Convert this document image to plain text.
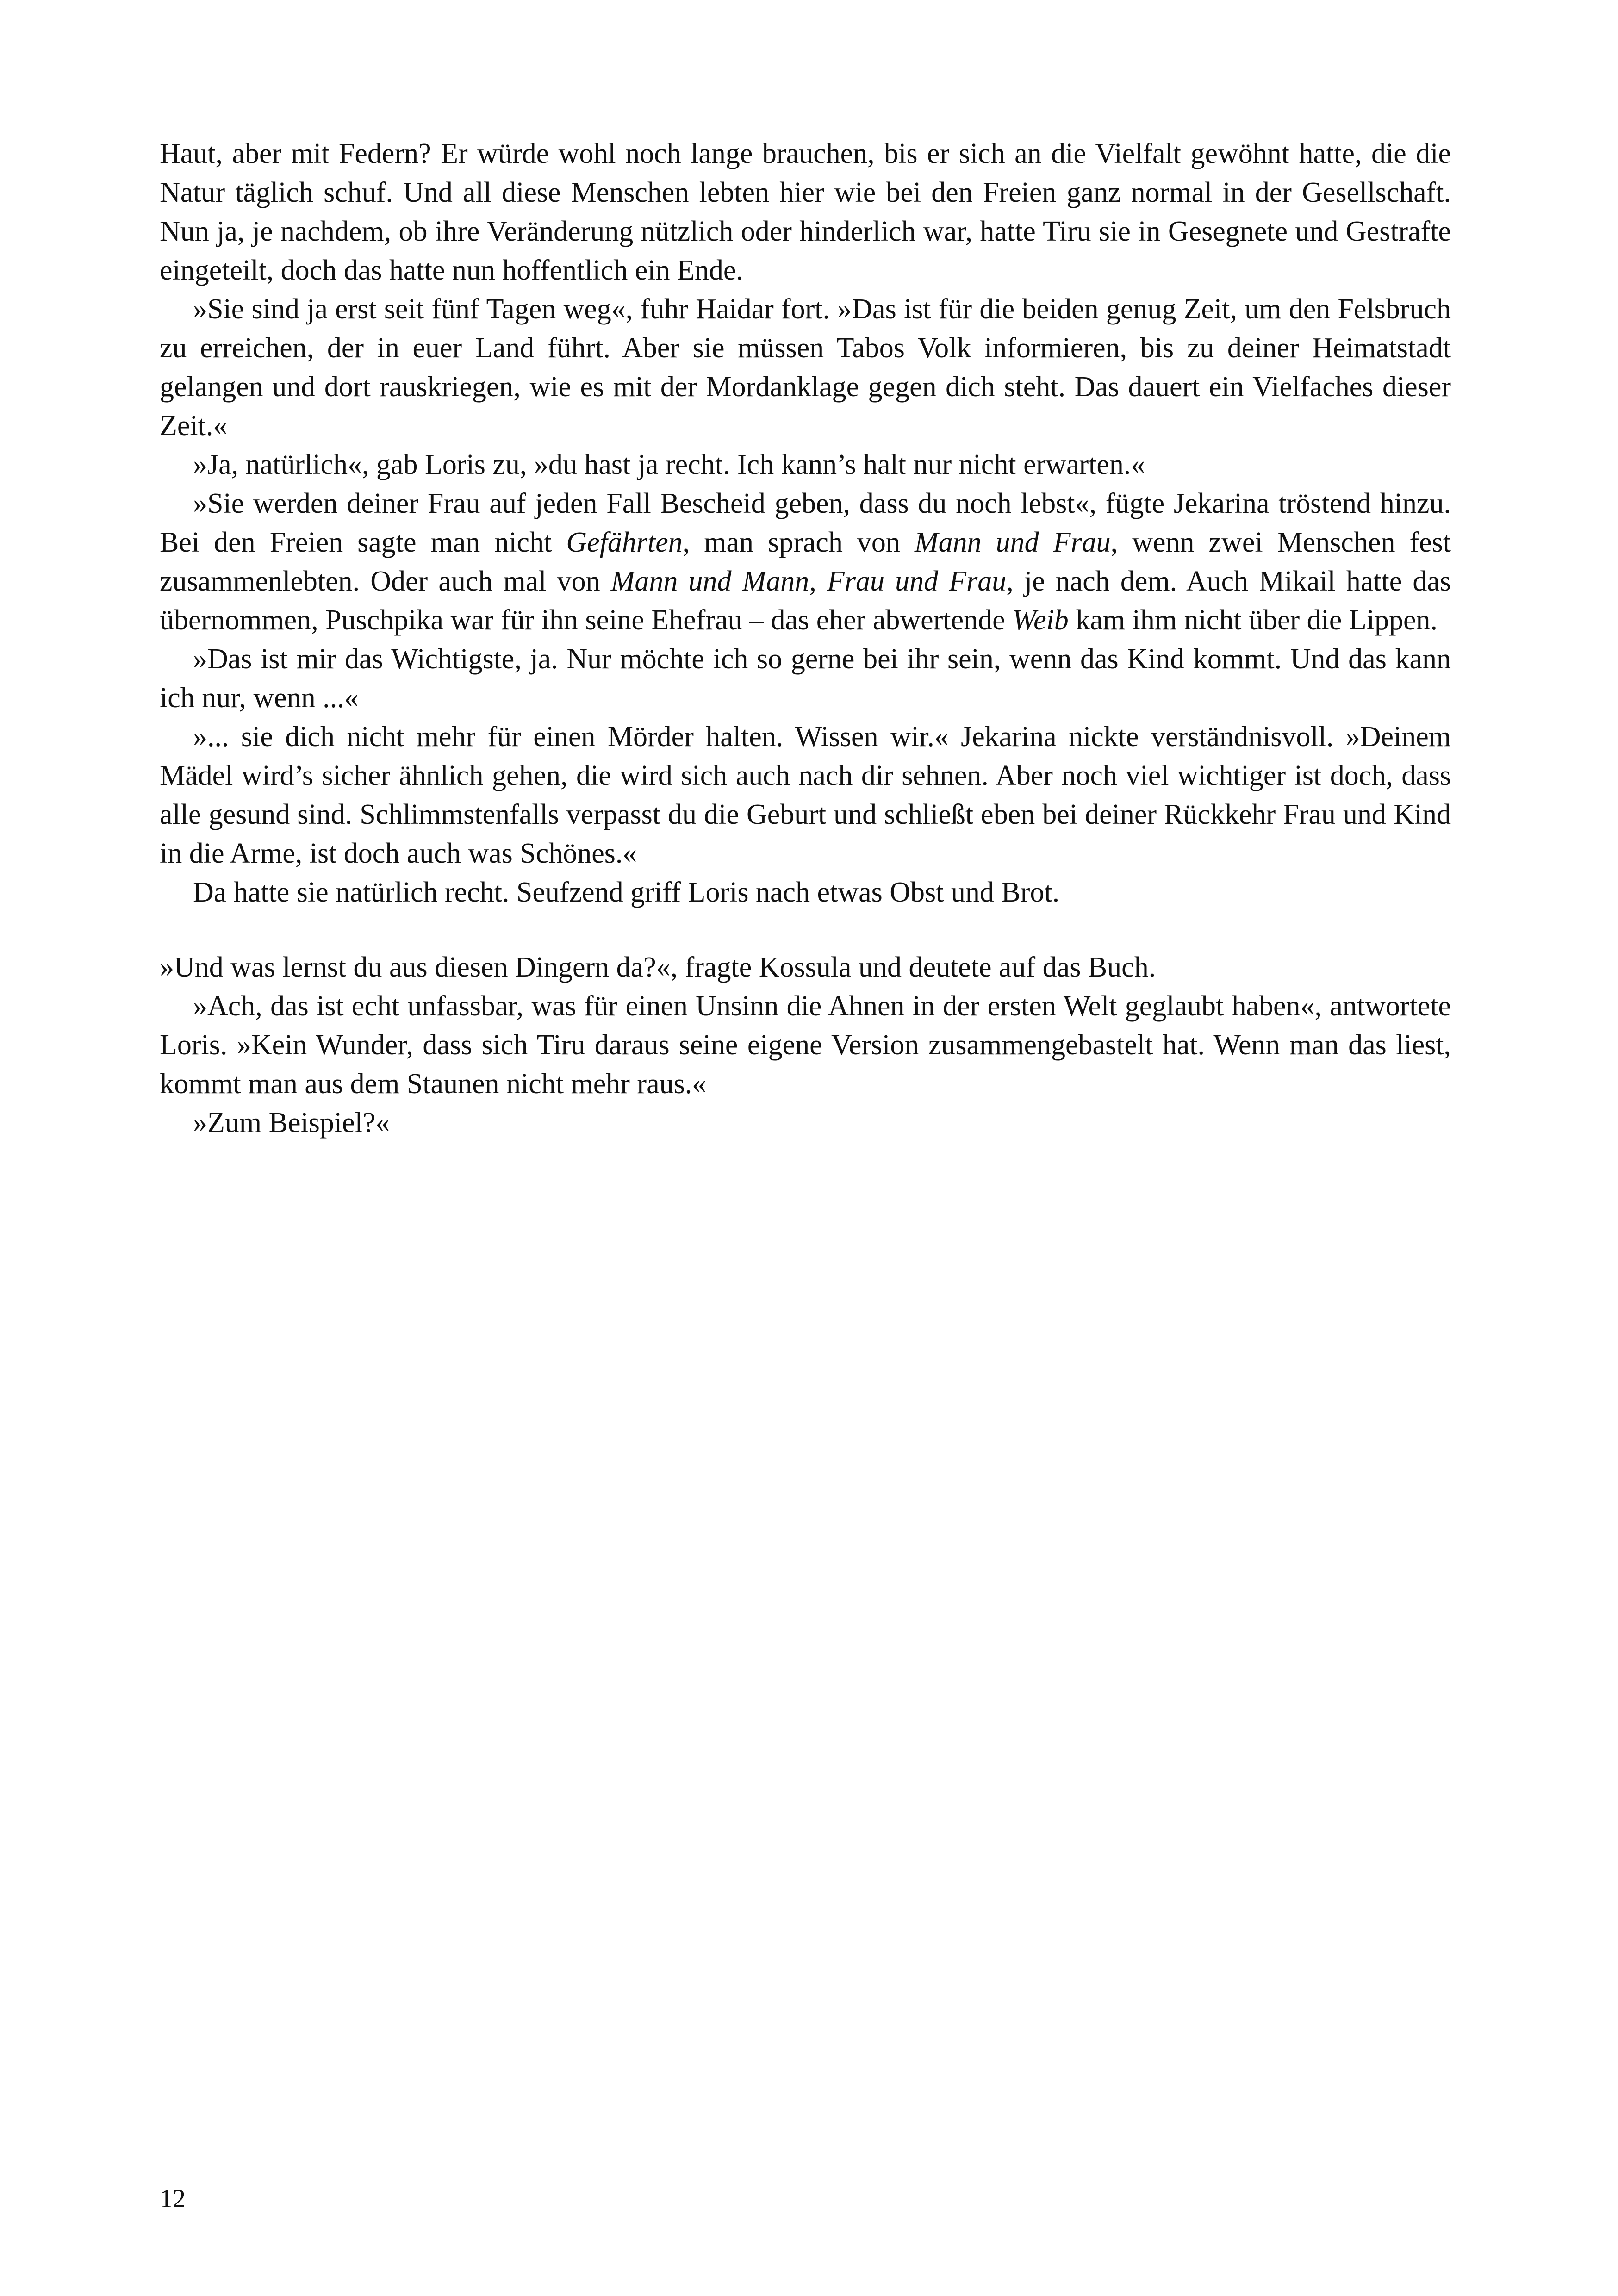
Haut, aber mit Federn? Er würde wohl noch lange brauchen, bis er sich an die Vielfalt gewöhnt hatte, die die Natur täglich schuf. Und all diese Menschen lebten hier wie bei den Freien ganz normal in der Gesellschaft. Nun ja, je nachdem, ob ihre Veränderung nützlich oder hinderlich war, hatte Tiru sie in Gesegnete und Gestrafte eingeteilt, doch das hatte nun hoffentlich ein Ende.

»Sie sind ja erst seit fünf Tagen weg«, fuhr Haidar fort. »Das ist für die beiden genug Zeit, um den Felsbruch zu erreichen, der in euer Land führt. Aber sie müssen Tabos Volk informieren, bis zu deiner Heimatstadt gelangen und dort rauskriegen, wie es mit der Mordanklage gegen dich steht. Das dauert ein Vielfaches dieser Zeit.«

»Ja, natürlich«, gab Loris zu, »du hast ja recht. Ich kann’s halt nur nicht erwarten.«

»Sie werden deiner Frau auf jeden Fall Bescheid geben, dass du noch lebst«, fügte Jekarina tröstend hinzu. Bei den Freien sagte man nicht Gefährten, man sprach von Mann und Frau, wenn zwei Menschen fest zusammenlebten. Oder auch mal von Mann und Mann, Frau und Frau, je nach dem. Auch Mikail hatte das übernommen, Puschpika war für ihn seine Ehefrau – das eher abwertende Weib kam ihm nicht über die Lippen.

»Das ist mir das Wichtigste, ja. Nur möchte ich so gerne bei ihr sein, wenn das Kind kommt. Und das kann ich nur, wenn ...«

»... sie dich nicht mehr für einen Mörder halten. Wissen wir.« Jekarina nickte verständnisvoll. »Deinem Mädel wird’s sicher ähnlich gehen, die wird sich auch nach dir sehnen. Aber noch viel wichtiger ist doch, dass alle gesund sind. Schlimmstenfalls verpasst du die Geburt und schließt eben bei deiner Rückkehr Frau und Kind in die Arme, ist doch auch was Schönes.«

Da hatte sie natürlich recht. Seufzend griff Loris nach etwas Obst und Brot.

»Und was lernst du aus diesen Dingern da?«, fragte Kossula und deutete auf das Buch.

»Ach, das ist echt unfassbar, was für einen Unsinn die Ahnen in der ersten Welt geglaubt haben«, antwortete Loris. »Kein Wunder, dass sich Tiru daraus seine eigene Version zusammengebastelt hat. Wenn man das liest, kommt man aus dem Staunen nicht mehr raus.«

»Zum Beispiel?«

12
